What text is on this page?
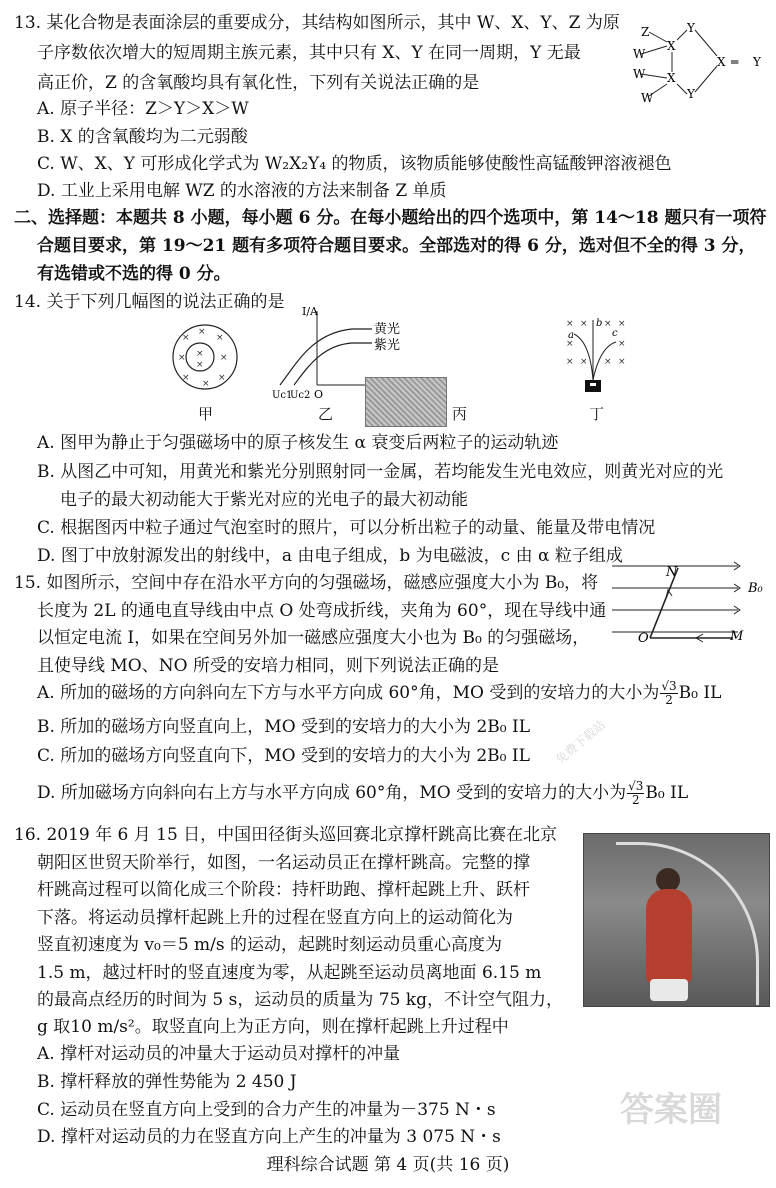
13. 某化合物是表面涂层的重要成分，其结构如图所示，其中 W、X、Y、Z 为原
子序数依次增大的短周期主族元素，其中只有 X、Y 在同一周期，Y 无最
高正价，Z 的含氧酸均具有氧化性，下列有关说法正确的是
A. 原子半径：Z＞Y＞X＞W
B. X 的含氧酸均为二元弱酸
C. W、X、Y 可形成化学式为 W₂X₂Y₄ 的物质，该物质能够使酸性高锰酸钾溶液褪色
D. 工业上采用电解 WZ 的水溶液的方法来制备 Z 单质
Z	Y
X
W
W X
W	Y
X ═ Y
二、选择题：本题共 8 小题，每小题 6 分。在每小题给出的四个选项中，第 14～18 题只有一项符
合题目要求，第 19～21 题有多项符合题目要求。全部选对的得 6 分，选对但不全的得 3 分，
有选错或不选的得 0 分。
14. 关于下列几幅图的说法正确的是
×
×
×
× ×
×
×
×
×
×
甲
I/A
黄光
紫光
Uc1
Uc2 O
乙	丙
× × × ×
×	×
× × × ×
a
b
c
丁
A. 图甲为静止于匀强磁场中的原子核发生 α 衰变后两粒子的运动轨迹
B. 从图乙中可知，用黄光和紫光分别照射同一金属，若均能发生光电效应，则黄光对应的光
电子的最大初动能大于紫光对应的光电子的最大初动能
C. 根据图丙中粒子通过气泡室时的照片，可以分析出粒子的动量、能量及带电情况
D. 图丁中放射源发出的射线中，a 由电子组成，b 为电磁波，c 由 α 粒子组成
15. 如图所示，空间中存在沿水平方向的匀强磁场，磁感应强度大小为 B₀，将
长度为 2L 的通电直导线由中点 O 处弯成折线，夹角为 60°，现在导线中通
以恒定电流 I，如果在空间另外加一磁感应强度大小也为 B₀ 的匀强磁场，
且使导线 MO、NO 所受的安培力相同，则下列说法正确的是
N
B₀
O	M
A. 所加的磁场的方向斜向左下方与水平方向成 60°角，MO 受到的安培力的大小为 $\frac{√3}{2} B_0$ IL
B. 所加的磁场方向竖直向上，MO 受到的安培力的大小为 2B₀ IL
C. 所加的磁场方向竖直向下，MO 受到的安培力的大小为 2B₀ IL
D. 所加磁场方向斜向右上方与水平方向成 60°角，MO 受到的安培力的大小为 $\frac{√3}{2} B_0$ IL
16. 2019 年 6 月 15 日，中国田径街头巡回赛北京撑杆跳高比赛在北京
朝阳区世贸天阶举行，如图，一名运动员正在撑杆跳高。完整的撑
杆跳高过程可以简化成三个阶段：持杆助跑、撑杆起跳上升、跃杆
下落。将运动员撑杆起跳上升的过程在竖直方向上的运动简化为
竖直初速度为 v₀＝5 m/s 的运动，起跳时刻运动员重心高度为
1.5 m，越过杆时的竖直速度为零，从起跳至运动员离地面 6.15 m
的最高点经历的时间为 5 s，运动员的质量为 75 kg，不计空气阻力，
g 取10 m/s²。取竖直向上为正方向，则在撑杆起跳上升过程中
A. 撑杆对运动员的冲量大于运动员对撑杆的冲量
B. 撑杆释放的弹性势能为 2 450 J
C. 运动员在竖直方向上受到的合力产生的冲量为－375 N・s
D. 撑杆对运动员的力在竖直方向上产生的冲量为 3 075 N・s
答案圈
免费下载站
理科综合试题 第 4 页(共 16 页)
